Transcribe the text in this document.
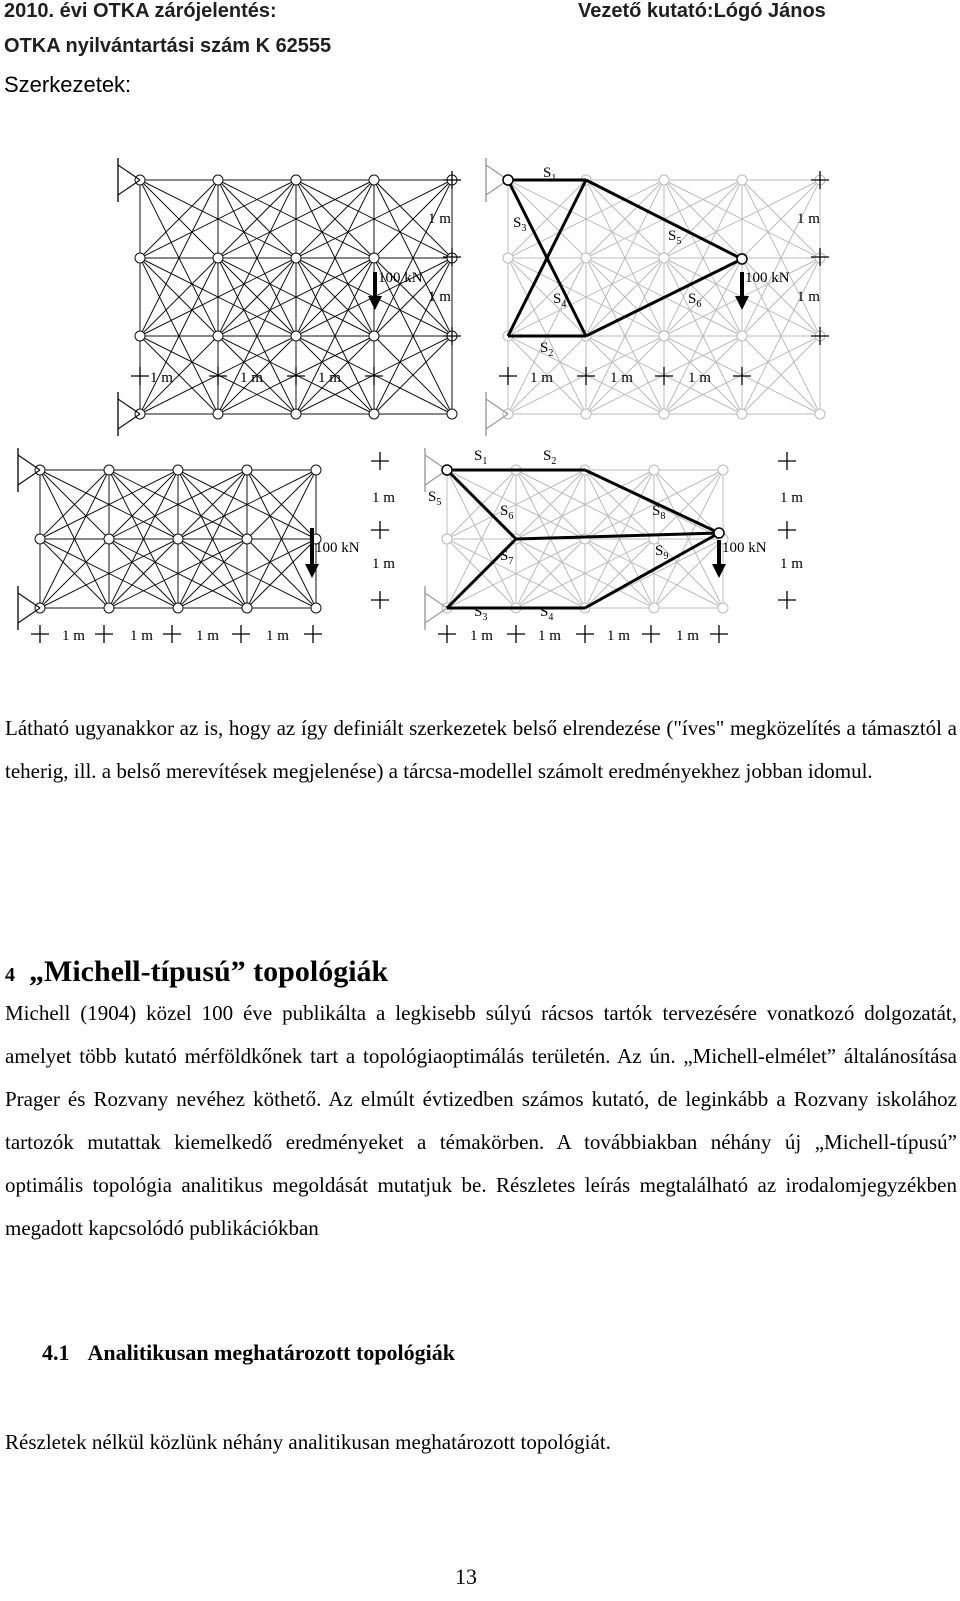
2010. évi OTKA zárójelentés:	Vezető kutató:Lógó János
OTKA nyilvántartási szám K 62555
Szerkezetek:
100 kN
1 m
1 m
1 m	1 m	1 m
100 kN
$S_1$
$S_3$	$S_5$
$S_4$	$S_6$
$S_2$
1 m
1 m
1 m	1 m	1 m
100 kN
1 m
1 m
1 m	1 m	1 m	1 m
100 kN
$S_1$	$S_2$
$S_5$
$S_6$	$S_8$
$S_7$
$S_9$
$S_3$	$S_4$
1 m
1 m
1 m	1 m	1 m	1 m
Látható ugyanakkor az is, hogy az így definiált szerkezetek belső elrendezése ("íves" megközelítés a támasztól a teherig, ill. a belső merevítések megjelenése) a tárcsa-modellel számolt eredményekhez jobban idomul.
4 „Michell-típusú” topológiák
Michell (1904) közel 100 éve publikálta a legkisebb súlyú rácsos tartók tervezésére vonatkozó dolgozatát, amelyet több kutató mérföldkőnek tart a topológiaoptimálás területén. Az ún. „Michell-elmélet” általánosítása Prager és Rozvany nevéhez köthető. Az elmúlt évtizedben számos kutató, de leginkább a Rozvany iskolához tartozók mutattak kiemelkedő eredményeket a témakörben. A továbbiakban néhány új „Michell-típusú” optimális topológia analitikus megoldását mutatjuk be. Részletes leírás megtalálható az irodalomjegyzékben megadott kapcsolódó publikációkban
4.1 Analitikusan meghatározott topológiák
Részletek nélkül közlünk néhány analitikusan meghatározott topológiát.
13
